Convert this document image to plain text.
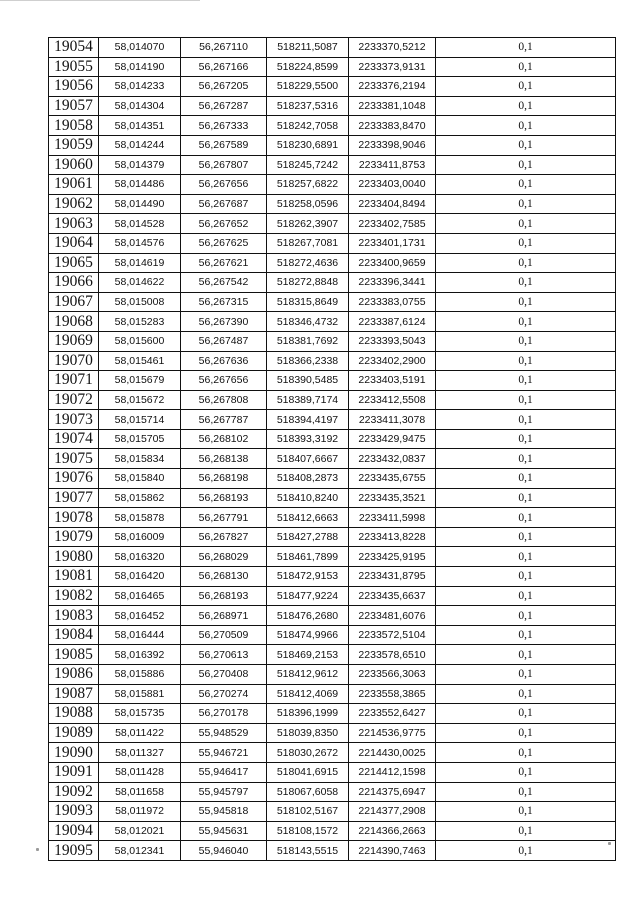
19054	58,014070	56,267110	518211,5087	2233370,5212	0,1
19055	58,014190	56,267166	518224,8599	2233373,9131	0,1
19056	58,014233	56,267205	518229,5500	2233376,2194	0,1
19057	58,014304	56,267287	518237,5316	2233381,1048	0,1
19058	58,014351	56,267333	518242,7058	2233383,8470	0,1
19059	58,014244	56,267589	518230,6891	2233398,9046	0,1
19060	58,014379	56,267807	518245,7242	2233411,8753	0,1
19061	58,014486	56,267656	518257,6822	2233403,0040	0,1
19062	58,014490	56,267687	518258,0596	2233404,8494	0,1
19063	58,014528	56,267652	518262,3907	2233402,7585	0,1
19064	58,014576	56,267625	518267,7081	2233401,1731	0,1
19065	58,014619	56,267621	518272,4636	2233400,9659	0,1
19066	58,014622	56,267542	518272,8848	2233396,3441	0,1
19067	58,015008	56,267315	518315,8649	2233383,0755	0,1
19068	58,015283	56,267390	518346,4732	2233387,6124	0,1
19069	58,015600	56,267487	518381,7692	2233393,5043	0,1
19070	58,015461	56,267636	518366,2338	2233402,2900	0,1
19071	58,015679	56,267656	518390,5485	2233403,5191	0,1
19072	58,015672	56,267808	518389,7174	2233412,5508	0,1
19073	58,015714	56,267787	518394,4197	2233411,3078	0,1
19074	58,015705	56,268102	518393,3192	2233429,9475	0,1
19075	58,015834	56,268138	518407,6667	2233432,0837	0,1
19076	58,015840	56,268198	518408,2873	2233435,6755	0,1
19077	58,015862	56,268193	518410,8240	2233435,3521	0,1
19078	58,015878	56,267791	518412,6663	2233411,5998	0,1
19079	58,016009	56,267827	518427,2788	2233413,8228	0,1
19080	58,016320	56,268029	518461,7899	2233425,9195	0,1
19081	58,016420	56,268130	518472,9153	2233431,8795	0,1
19082	58,016465	56,268193	518477,9224	2233435,6637	0,1
19083	58,016452	56,268971	518476,2680	2233481,6076	0,1
19084	58,016444	56,270509	518474,9966	2233572,5104	0,1
19085	58,016392	56,270613	518469,2153	2233578,6510	0,1
19086	58,015886	56,270408	518412,9612	2233566,3063	0,1
19087	58,015881	56,270274	518412,4069	2233558,3865	0,1
19088	58,015735	56,270178	518396,1999	2233552,6427	0,1
19089	58,011422	55,948529	518039,8350	2214536,9775	0,1
19090	58,011327	55,946721	518030,2672	2214430,0025	0,1
19091	58,011428	55,946417	518041,6915	2214412,1598	0,1
19092	58,011658	55,945797	518067,6058	2214375,6947	0,1
19093	58,011972	55,945818	518102,5167	2214377,2908	0,1
19094	58,012021	55,945631	518108,1572	2214366,2663	0,1
19095	58,012341	55,946040	518143,5515	2214390,7463	0,1
